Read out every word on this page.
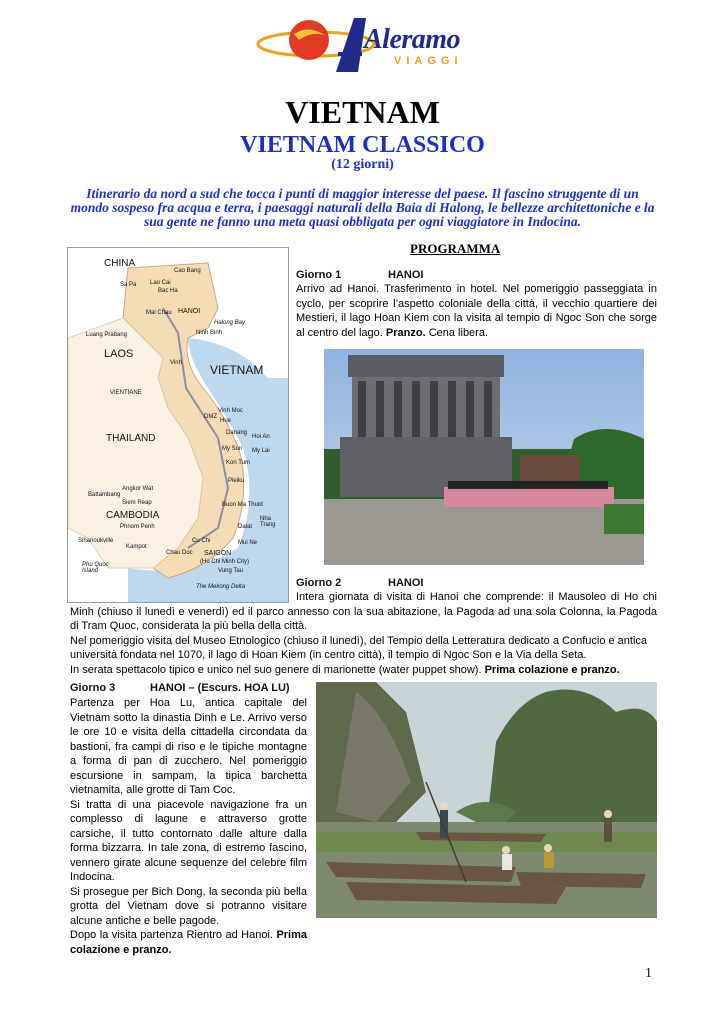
Aleramo
VIAGGI
VIETNAM
VIETNAM CLASSICO
(12 giorni)
Itinerario da nord a sud che tocca i punti di maggior interesse del paese. Il fascino struggente di un mondo sospeso fra acqua e terra, i paesaggi naturali della Baia di Halong, le bellezze architettoniche e la sua gente ne fanno una meta quasi obbligata per ogni viaggiatore in Indocina.
CHINA
LAOS
VIETNAM
THAILAND
CAMBODIA
Cao Bang
Lao Cai
Sa Pa
Bac Ha
Mai Chau HANOI
Halong Bay
Ninh Binh
Luang Prabang
Vinh
VIENTIANE
Vinh Moc
DMZ
Hue
Danang
Hoi An
My Son My Lai
Kon Tum
Pleiku
Angkor Wat
Battambang
Siem Reap	Buon Ma Thuot
Nha Trang
Phnom Penh
Sihanoukville
Kampot
Chau Doc
Cu Chi
SAIGON
(Ho Chi Minh City)
Mui Ne
Dalat
Phu Quoc Island	Vung Tau
The Mekong Delta
PROGRAMMA
Giorno 1	HANOI
Arrivo ad Hanoi. Trasferimento in hotel. Nel pomeriggio passeggiata in cyclo, per scoprire l’aspetto coloniale della città, il vecchio quartiere dei Mestieri, il lago Hoan Kiem con la visita al tempio di Ngoc Son che sorge al centro del lago. Pranzo. Cena libera.
Giorno 2	HANOI
Intera giornata di visita di Hanoi che comprende: il Mausoleo di Ho chi Minh (chiuso il lunedì e venerdì) ed il parco annesso con la sua abitazione, la Pagoda ad una sola Colonna, la Pagoda di Tram Quoc, considerata la più bella della città.
Nel pomeriggio visita del Museo Etnologico (chiuso il lunedì), del Tempio della Letteratura dedicato a Confucio e antica università fondata nel 1070, il lago di Hoan Kiem (in centro città), il tempio di Ngoc Son e la Via della Seta.
In serata spettacolo tipico e unico nel suo genere di marionette (water puppet show). Prima colazione e pranzo.
Giorno 3	HANOI – (Escurs. HOA LU)
Partenza per Hoa Lu, antica capitale del Vietnam sotto la dinastia Dinh e Le. Arrivo verso le ore 10 e visita della cittadella circondata da bastioni, fra campi di riso e le tipiche montagne a forma di pan di zucchero. Nel pomeriggio escursione in sampam, la tipica barchetta vietnamita, alle grotte di Tam Coc.
Si tratta di una piacevole navigazione fra un complesso di lagune e attraverso grotte carsiche, il tutto contornato dalle alture dalla forma bizzarra. In tale zona, di estremo fascino, vennero girate alcune sequenze del celebre film Indocina.
Si prosegue per Bich Dong, la seconda più bella grotta del Vietnam dove si potranno visitare alcune antiche e belle pagode.
Dopo la visita partenza Rientro ad Hanoi. Prima colazione e pranzo.
1
